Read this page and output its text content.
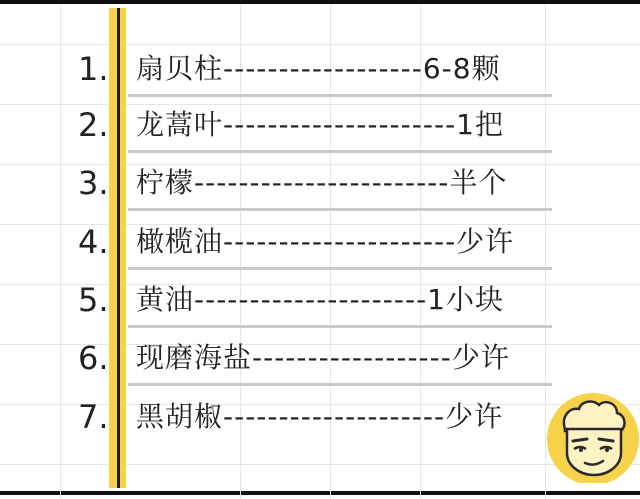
1. 扇贝柱------------------6-8颗
2. 龙蒿叶---------------------1把
3. 柠檬-----------------------半个
4. 橄榄油---------------------少许
5. 黄油---------------------1小块
6. 现磨海盐------------------少许
7. 黑胡椒--------------------少许
